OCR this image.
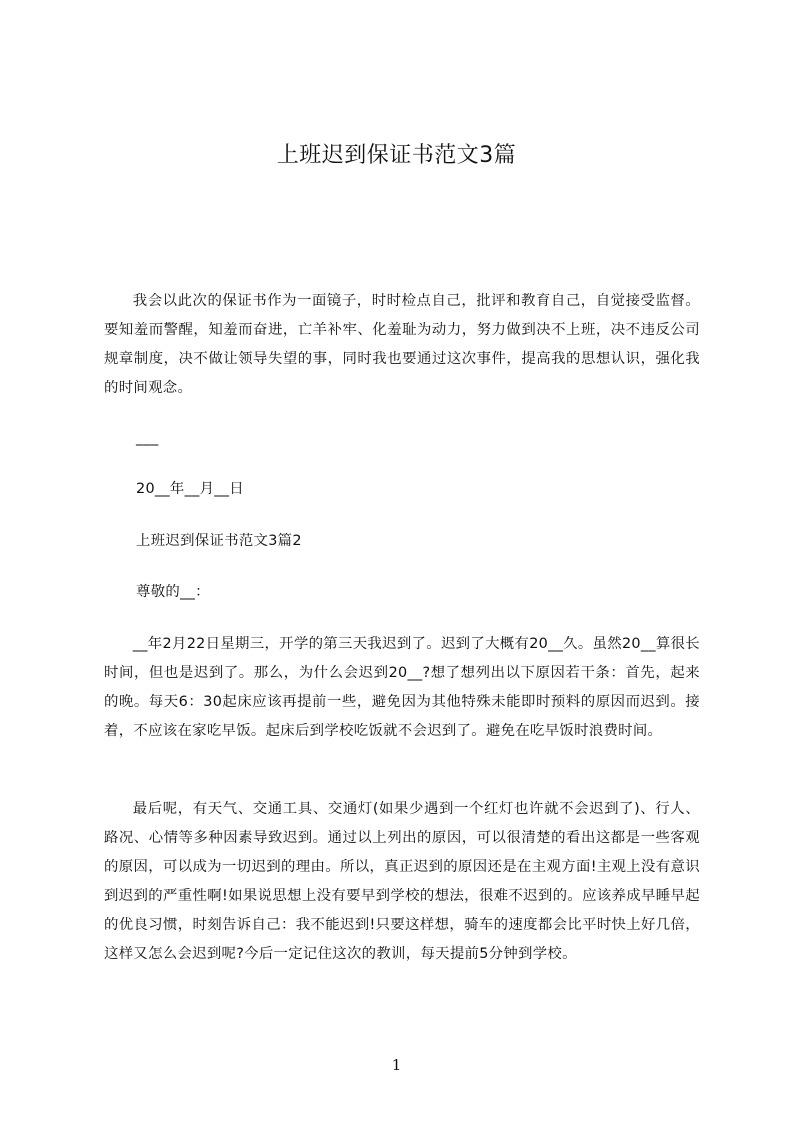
上班迟到保证书范文3篇

我会以此次的保证书作为一面镜子，时时检点自己，批评和教育自己，自觉接受监督。要知羞而警醒，知羞而奋进，亡羊补牢、化羞耻为动力，努力做到决不上班，决不违反公司规章制度，决不做让领导失望的事，同时我也要通过这次事件，提高我的思想认识，强化我的时间观念。

___

20__年__月__日

上班迟到保证书范文3篇2

尊敬的__：

__年2月22日星期三，开学的第三天我迟到了。迟到了大概有20__久。虽然20__算很长时间，但也是迟到了。那么，为什么会迟到20__?想了想列出以下原因若干条：首先，起来的晚。每天6：30起床应该再提前一些，避免因为其他特殊未能即时预料的原因而迟到。接着，不应该在家吃早饭。起床后到学校吃饭就不会迟到了。避免在吃早饭时浪费时间。

最后呢，有天气、交通工具、交通灯(如果少遇到一个红灯也许就不会迟到了)、行人、路况、心情等多种因素导致迟到。通过以上列出的原因，可以很清楚的看出这都是一些客观的原因，可以成为一切迟到的理由。所以，真正迟到的原因还是在主观方面!主观上没有意识到迟到的严重性啊!如果说思想上没有要早到学校的想法，很难不迟到的。应该养成早睡早起的优良习惯，时刻告诉自己：我不能迟到!只要这样想，骑车的速度都会比平时快上好几倍，这样又怎么会迟到呢?今后一定记住这次的教训，每天提前5分钟到学校。

1
